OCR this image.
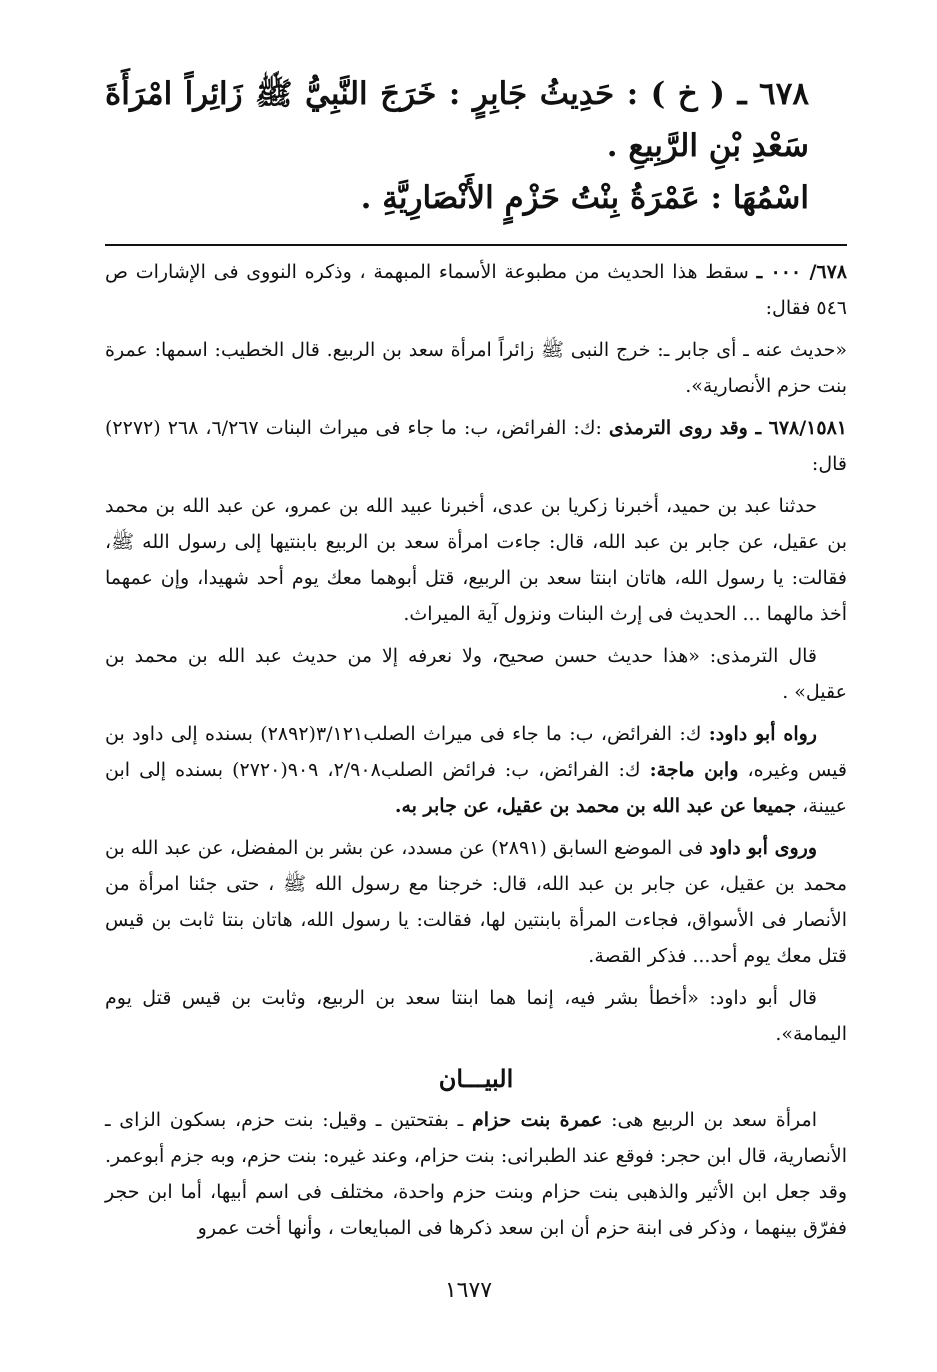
٦٧٨ ـ ( خ ) : حَدِيثُ جَابِرٍ : خَرَجَ النَّبِيُّ ﷺ زَائِراً امْرَأَةَ سَعْدِ بْنِ الرَّبِيعِ .
اسْمُهَا : عَمْرَةُ بِنْتُ حَزْمٍ الأَنْصَارِيَّةِ .

٦٧٨/ ٠٠٠ ـ سقط هذا الحديث من مطبوعة الأسماء المبهمة ، وذكره النووى فى الإشارات ص ٥٤٦ فقال:

«حديث عنه ـ أى جابر ـ: خرج النبى ﷺ زائراً امرأة سعد بن الربيع. قال الخطيب: اسمها: عمرة بنت حزم الأنصارية».

٦٧٨/١٥٨١ ـ وقد روى الترمذى :ك: الفرائض، ب: ما جاء فى ميراث البنات ٦/٢٦٧، ٢٦٨ (٢٢٧٢) قال:

حدثنا عبد بن حميد، أخبرنا زكريا بن عدى، أخبرنا عبيد الله بن عمرو، عن عبد الله بن محمد بن عقيل، عن جابر بن عبد الله، قال: جاءت امرأة سعد بن الربيع بابنتيها إلى رسول الله ﷺ، فقالت: يا رسول الله، هاتان ابنتا سعد بن الربيع، قتل أبوهما معك يوم أحد شهيدا، وإن عمهما أخذ مالهما ... الحديث فى إرث البنات ونزول آية الميراث.

قال الترمذى: «هذا حديث حسن صحيح، ولا نعرفه إلا من حديث عبد الله بن محمد بن عقيل» .

رواه أبو داود: ك: الفرائض، ب: ما جاء فى ميراث الصلب٣/١٢١(٢٨٩٢) بسنده إلى داود بن قيس وغيره، وابن ماجة: ك: الفرائض، ب: فرائض الصلب٢/٩٠٨، ٩٠٩(٢٧٢٠) بسنده إلى ابن عيينة، جميعا عن عبد الله بن محمد بن عقيل، عن جابر به.

وروى أبو داود فى الموضع السابق (٢٨٩١) عن مسدد، عن بشر بن المفضل، عن عبد الله بن محمد بن عقيل، عن جابر بن عبد الله، قال: خرجنا مع رسول الله ﷺ ، حتى جئنا امرأة من الأنصار فى الأسواق، فجاءت المرأة بابنتين لها، فقالت: يا رسول الله، هاتان بنتا ثابت بن قيس قتل معك يوم أحد... فذكر القصة.

قال أبو داود: «أخطأ بشر فيه، إنما هما ابنتا سعد بن الربيع، وثابت بن قيس قتل يوم اليمامة».

البيـــان

امرأة سعد بن الربيع هى: عمرة بنت حزام ـ بفتحتين ـ وقيل: بنت حزم، بسكون الزاى ـ الأنصارية، قال ابن حجر: فوقع عند الطبرانى: بنت حزام، وعند غيره: بنت حزم، وبه جزم أبوعمر. وقد جعل ابن الأثير والذهبى بنت حزام وبنت حزم واحدة، مختلف فى اسم أبيها، أما ابن حجر ففرّق بينهما ، وذكر فى ابنة حزم أن ابن سعد ذكرها فى المبايعات ، وأنها أخت عمرو

١٦٧٧
